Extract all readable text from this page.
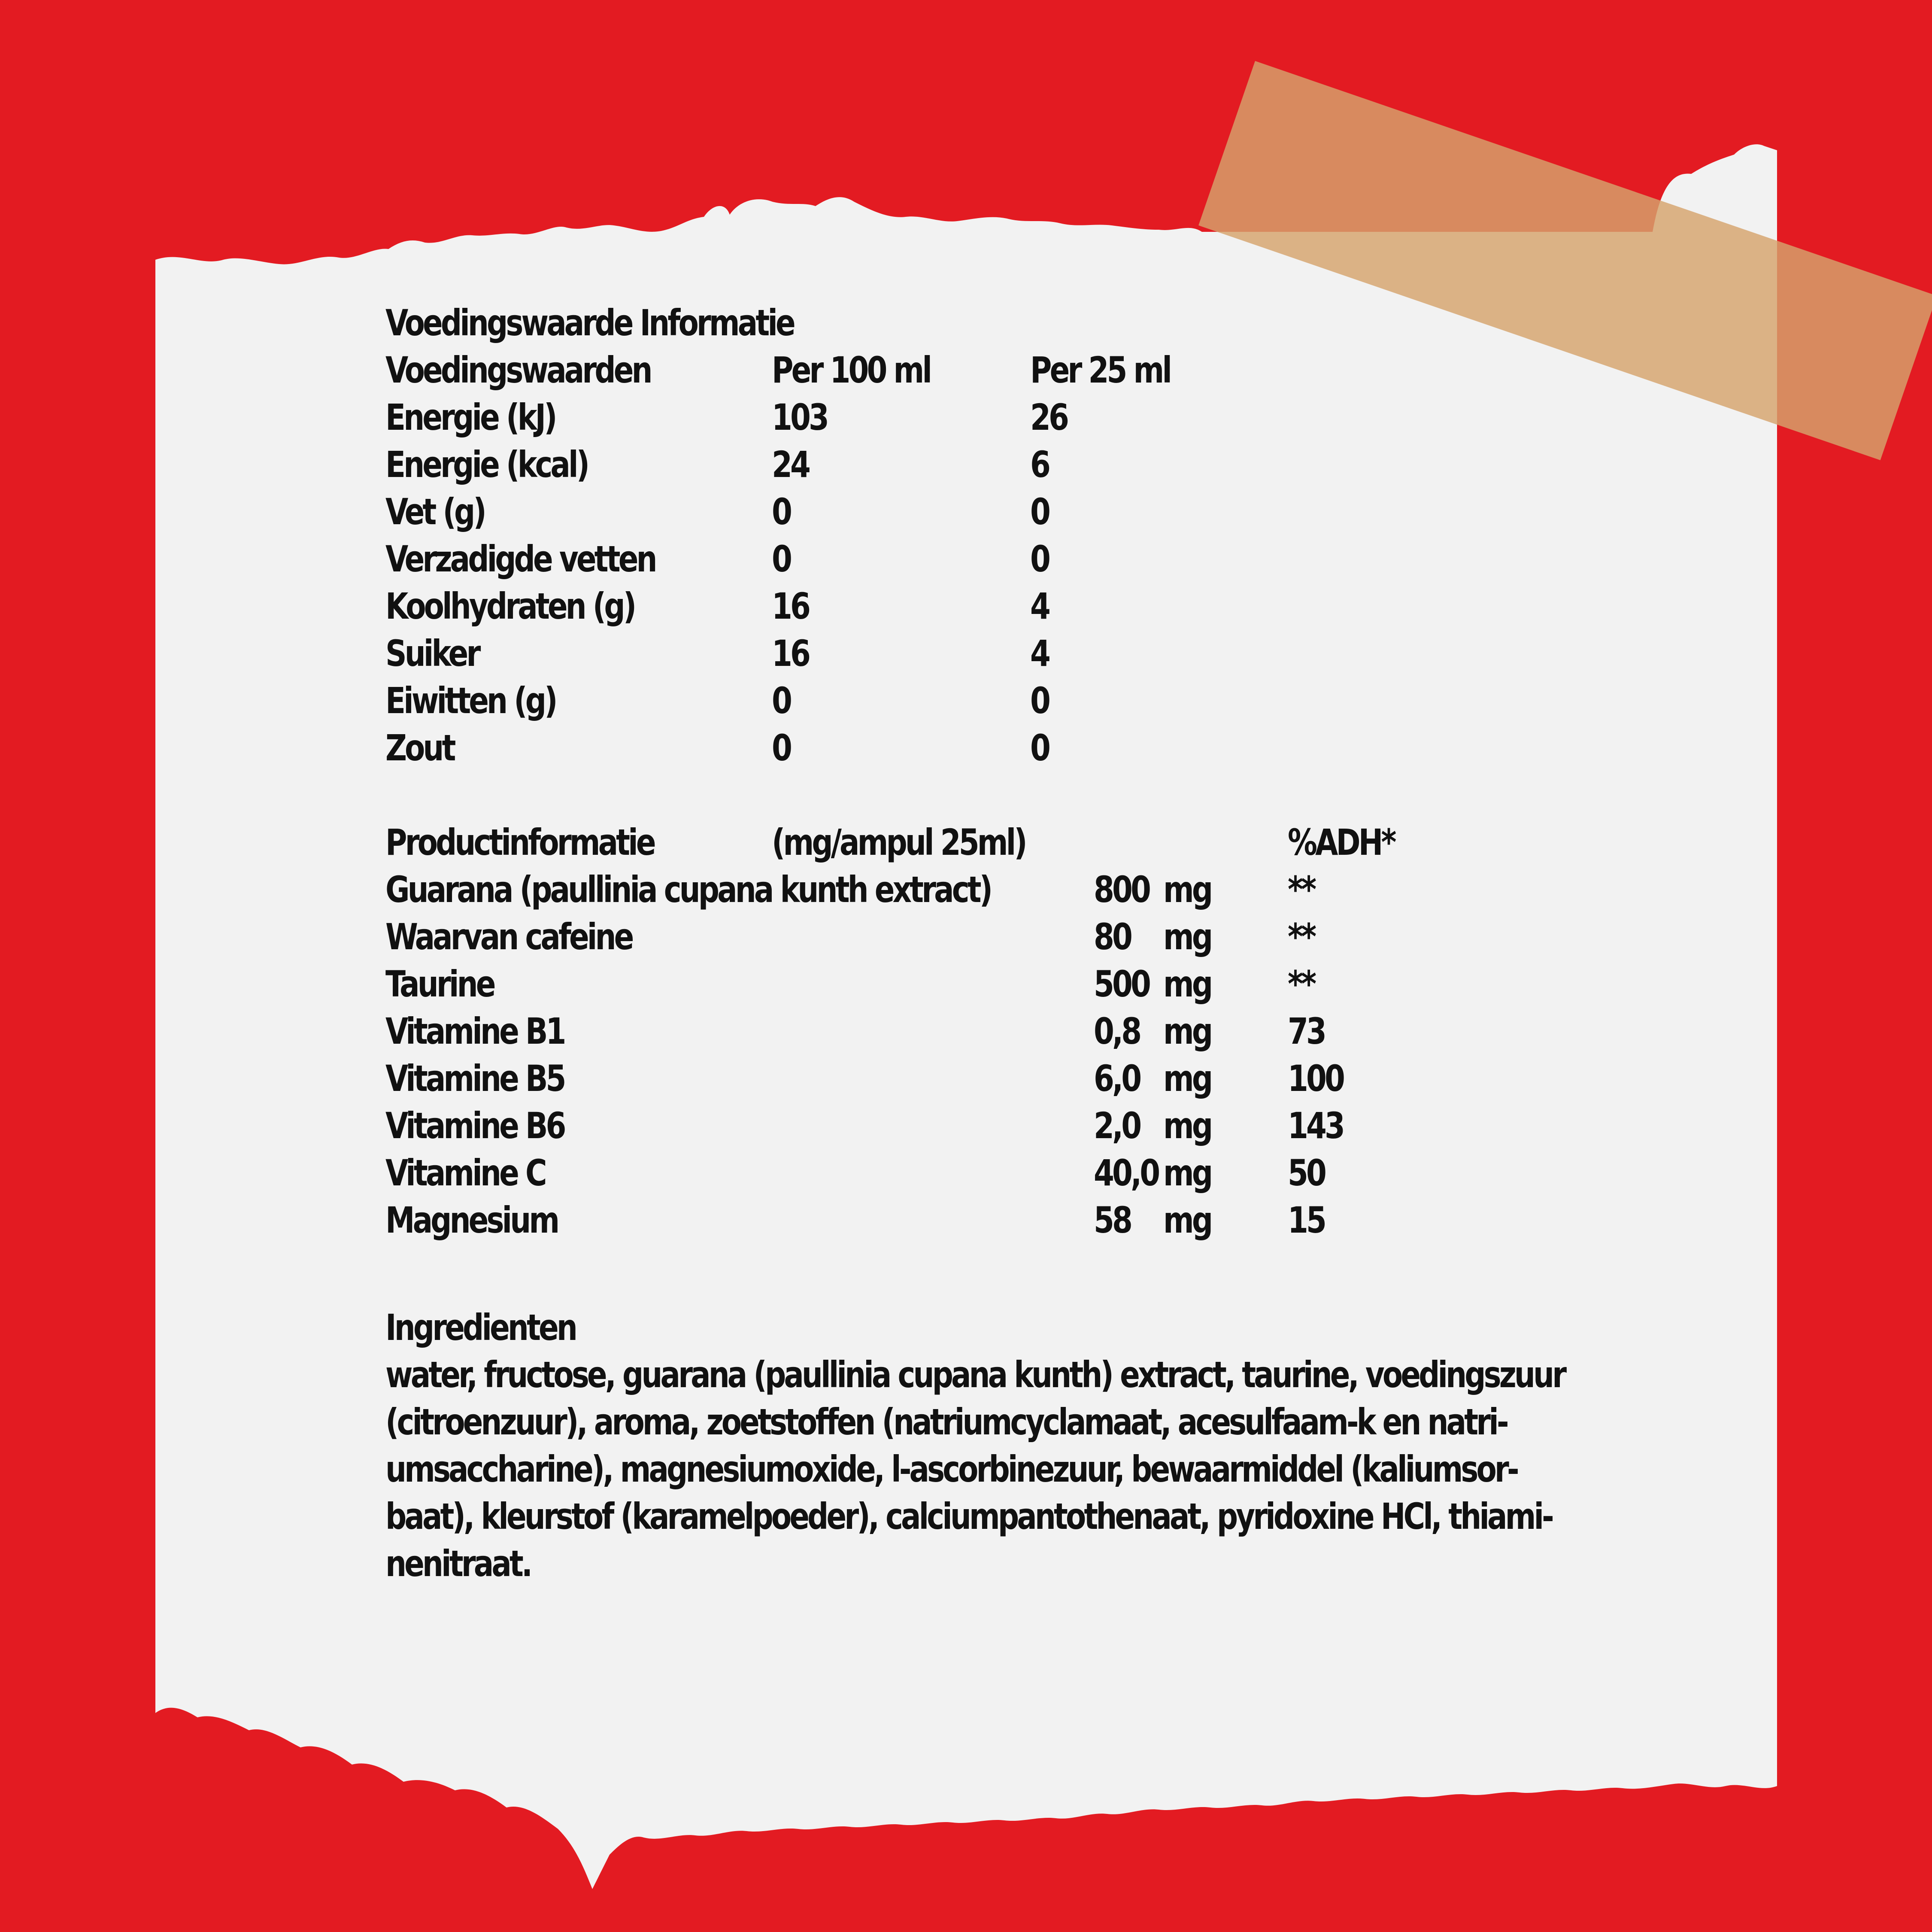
Voedingswaarde Informatie
Voedingswaarden	Per 100 ml	Per 25 ml
Energie (kJ)	103	26
Energie (kcal)	24	6
Vet (g)	0	0
Verzadigde vetten	0	0
Koolhydraten (g)	16	4
Suiker	16	4
Eiwitten (g)	0	0
Zout	0	0
Productinformatie	(mg/ampul 25ml)	%ADH*
Guarana (paullinia cupana kunth extract)	800 mg **
Waarvan cafeine	80 mg **
Taurine	500 mg **
Vitamine B1	0,8 mg 73
Vitamine B5	6,0 mg 100
Vitamine B6	2,0 mg 143
Vitamine C	40,0 mg 50
Magnesium	58 mg 15
Ingredienten
water, fructose, guarana (paullinia cupana kunth) extract, taurine, voedingszuur
(citroenzuur), aroma, zoetstoffen (natriumcyclamaat, acesulfaam-k en natri-
umsaccharine), magnesiumoxide, l-ascorbinezuur, bewaarmiddel (kaliumsor-
baat), kleurstof (karamelpoeder), calciumpantothenaat, pyridoxine HCl, thiami-
nenitraat.
